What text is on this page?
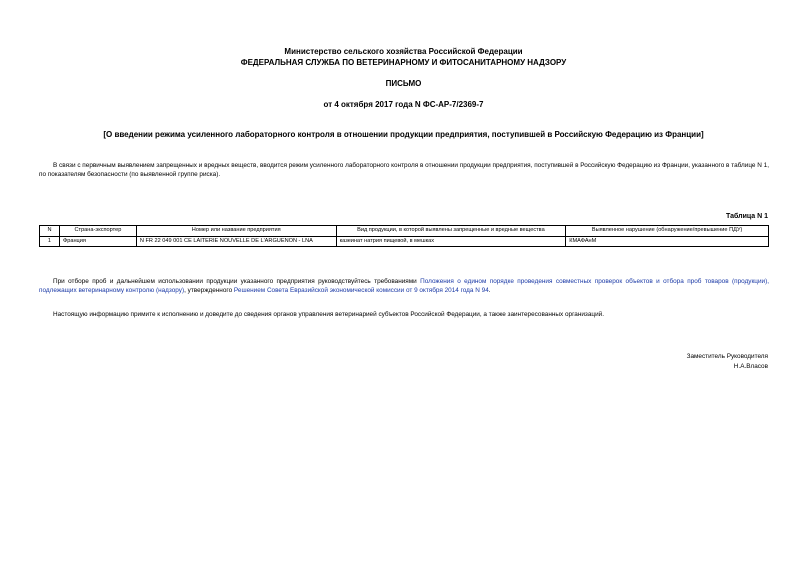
Министерство сельского хозяйства Российской Федерации
ФЕДЕРАЛЬНАЯ СЛУЖБА ПО ВЕТЕРИНАРНОМУ И ФИТОСАНИТАРНОМУ НАДЗОРУ
ПИСЬМО
от 4 октября 2017 года N ФС-АР-7/2369-7
[О введении режима усиленного лабораторного контроля в отношении продукции предприятия, поступившей в Российскую Федерацию из Франции]
В связи с первичным выявлением запрещенных и вредных веществ, вводится режим усиленного лабораторного контроля в отношении продукции предприятия, поступившей в Российскую Федерацию из Франции, указанного в таблице N 1, по показателям безопасности (по выявленной группе риска).
Таблица N 1
N	Страна-экспортер	Номер или название предприятия	Вид продукции, в которой выявлены запрещенные и вредные вещества	Выявленное нарушение (обнаружение/превышение ПДУ)
1	Франция	N FR 22 049 001 CE LAITERIE NOUVELLE DE L'ARGUENON - LNA	казеинат натрия пищевой, в мешках	КМАФАнМ
При отборе проб и дальнейшем использовании продукции указанного предприятия руководствуйтесь требованиями Положения о едином порядке проведения совместных проверок объектов и отбора проб товаров (продукции), подлежащих ветеринарному контролю (надзору), утвержденного Решением Совета Евразийской экономической комиссии от 9 октября 2014 года N 94.
Настоящую информацию примите к исполнению и доведите до сведения органов управления ветеринарией субъектов Российской Федерации, а также заинтересованных организаций.
Заместитель Руководителя
Н.А.Власов
